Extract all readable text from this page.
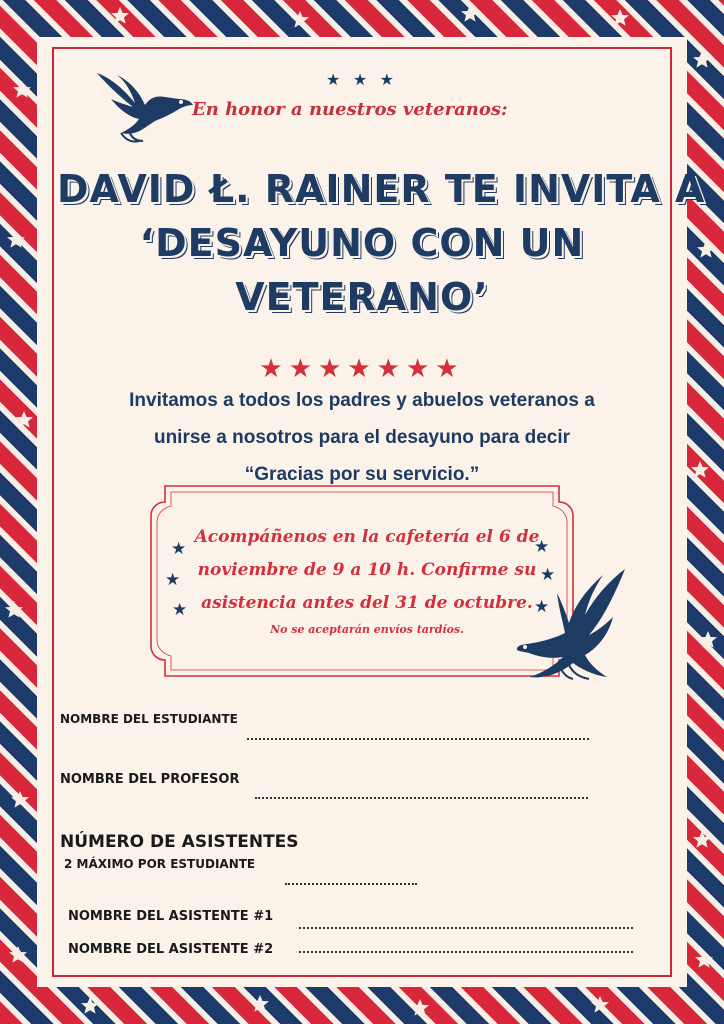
★ ★ ★
En honor a nuestros veteranos:
DAVID Ł. RAINER TE INVITA A
‘DESAYUNO CON UN
VETERANO’
★★★★★★★
Invitamos a todos los padres y abuelos veteranos a
unirse a nosotros para el desayuno para decir
“Gracias por su servicio.”
★
★
★
★
★
★
Acompáñenos en la cafetería el 6 de
noviembre de 9 a 10 h. Confirme su
asistencia antes del 31 de octubre.
No se aceptarán envíos tardíos.
NOMBRE DEL ESTUDIANTE
NOMBRE DEL PROFESOR
NÚMERO DE ASISTENTES
2 MÁXIMO POR ESTUDIANTE
NOMBRE DEL ASISTENTE #1
NOMBRE DEL ASISTENTE #2
